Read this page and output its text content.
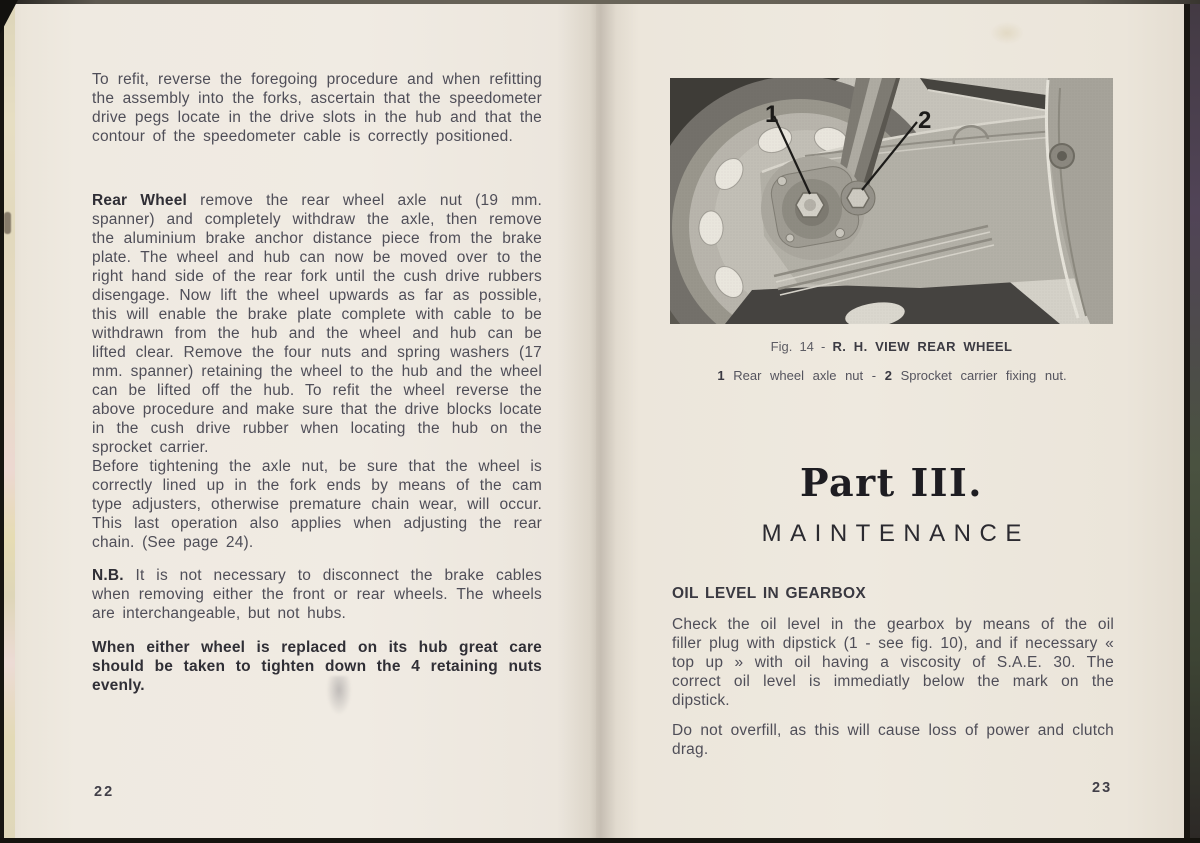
To refit, reverse the foregoing procedure and when refitting the assembly into the forks, ascertain that the speedometer drive pegs locate in the drive slots in the hub and that the contour of the speedometer cable is correctly positioned.

Rear Wheel remove the rear wheel axle nut (19 mm. spanner) and completely withdraw the axle, then remove the aluminium brake anchor distance piece from the brake plate. The wheel and hub can now be moved over to the right hand side of the rear fork until the cush drive rubbers disengage. Now lift the wheel upwards as far as possible, this will enable the brake plate complete with cable to be withdrawn from the hub and the wheel and hub can be lifted clear. Remove the four nuts and spring washers (17 mm. spanner) retaining the wheel to the hub and the wheel can be lifted off the hub. To refit the wheel reverse the above procedure and make sure that the drive blocks locate in the cush drive rubber when locating the hub on the sprocket carrier.

Before tightening the axle nut, be sure that the wheel is correctly lined up in the fork ends by means of the cam type adjusters, otherwise premature chain wear, will occur. This last operation also applies when adjusting the rear chain. (See page 24).

N.B. It is not necessary to disconnect the brake cables when removing either the front or rear wheels. The wheels are interchangeable, but not hubs.

When either wheel is replaced on its hub great care should be taken to tighten down the 4 retaining nuts evenly.

22
1	2
Fig. 14 - R. H. VIEW REAR WHEEL
1 Rear wheel axle nut - 2 Sprocket carrier fixing nut.
Part III.
MAINTENANCE
OIL LEVEL IN GEARBOX

Check the oil level in the gearbox by means of the oil filler plug with dipstick (1 - see fig. 10), and if necessary « top up » with oil having a viscosity of S.A.E. 30. The correct oil level is immediatly below the mark on the dipstick.

Do not overfill, as this will cause loss of power and clutch drag.

23
